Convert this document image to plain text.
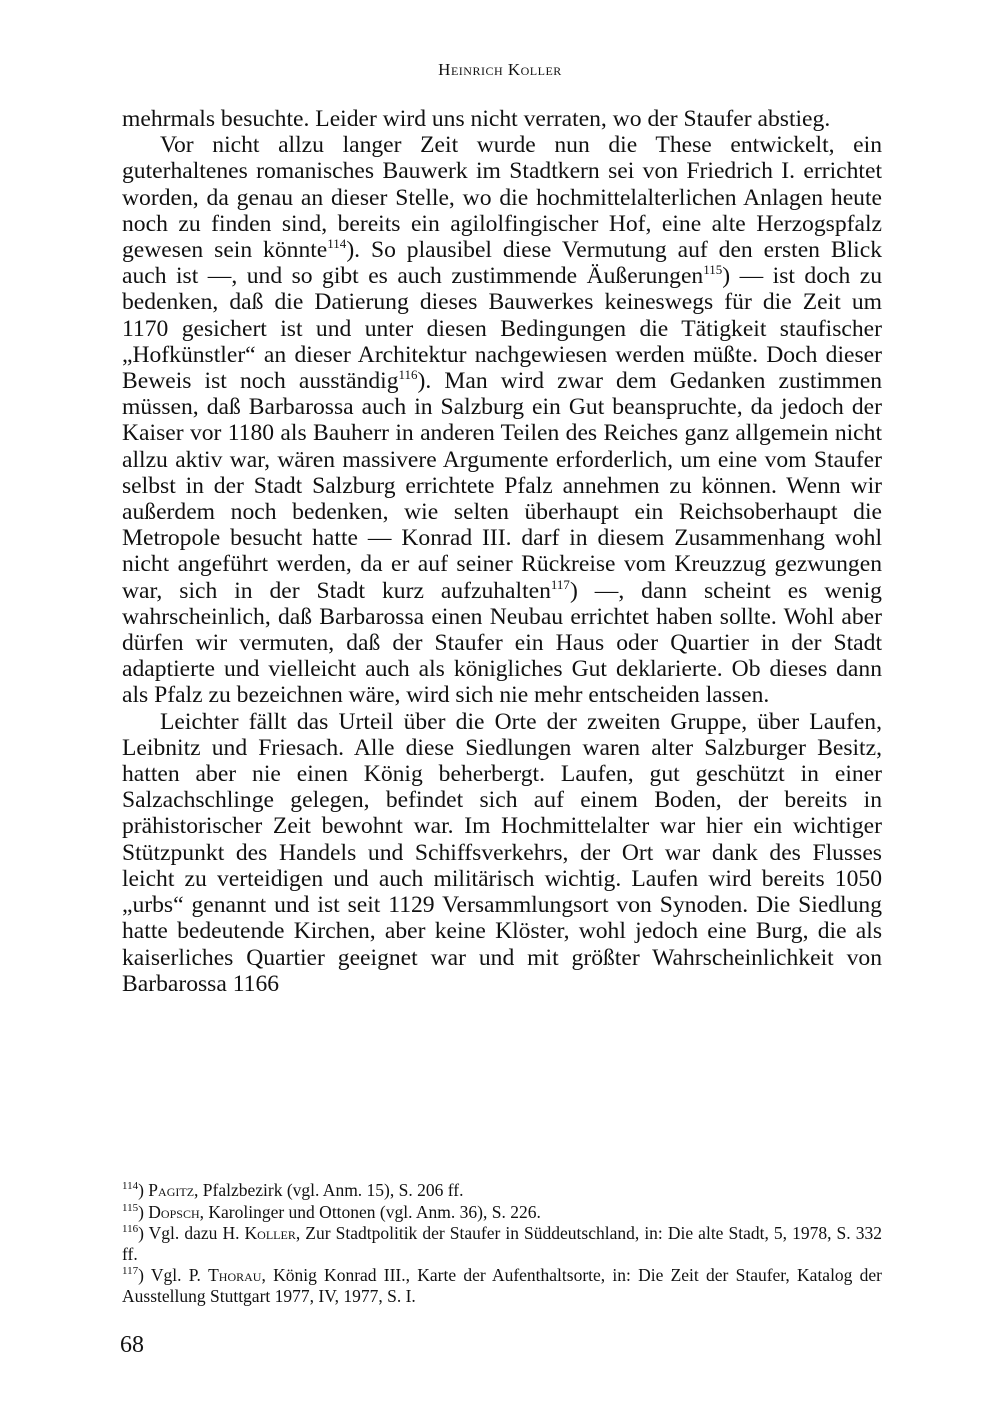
Heinrich Koller

mehrmals besuchte. Leider wird uns nicht verraten, wo der Staufer abstieg.

Vor nicht allzu langer Zeit wurde nun die These entwickelt, ein guterhaltenes romanisches Bauwerk im Stadtkern sei von Friedrich I. errichtet worden, da genau an dieser Stelle, wo die hochmittelalterlichen Anlagen heute noch zu finden sind, bereits ein agilolfingischer Hof, eine alte Herzogspfalz gewesen sein könnte$^{114}$). So plausibel diese Vermutung auf den ersten Blick auch ist —, und so gibt es auch zustimmende Äußerungen$^{115}$) — ist doch zu bedenken, daß die Datierung dieses Bauwerkes keineswegs für die Zeit um 1170 gesichert ist und unter diesen Bedingungen die Tätigkeit staufischer „Hofkünstler“ an dieser Architektur nachgewiesen werden müßte. Doch dieser Beweis ist noch ausständig$^{116}$). Man wird zwar dem Gedanken zustimmen müssen, daß Barbarossa auch in Salzburg ein Gut beanspruchte, da jedoch der Kaiser vor 1180 als Bauherr in anderen Teilen des Reiches ganz allgemein nicht allzu aktiv war, wären massivere Argumente erforderlich, um eine vom Staufer selbst in der Stadt Salzburg errichtete Pfalz annehmen zu können. Wenn wir außerdem noch bedenken, wie selten überhaupt ein Reichsoberhaupt die Metropole besucht hatte — Konrad III. darf in diesem Zusammenhang wohl nicht angeführt werden, da er auf seiner Rückreise vom Kreuzzug gezwungen war, sich in der Stadt kurz aufzuhalten$^{117}$) —, dann scheint es wenig wahrscheinlich, daß Barbarossa einen Neubau errichtet haben sollte. Wohl aber dürfen wir vermuten, daß der Staufer ein Haus oder Quartier in der Stadt adaptierte und vielleicht auch als königliches Gut deklarierte. Ob dieses dann als Pfalz zu bezeichnen wäre, wird sich nie mehr entscheiden lassen.

Leichter fällt das Urteil über die Orte der zweiten Gruppe, über Laufen, Leibnitz und Friesach. Alle diese Siedlungen waren alter Salzburger Besitz, hatten aber nie einen König beherbergt. Laufen, gut geschützt in einer Salzachschlinge gelegen, befindet sich auf einem Boden, der bereits in prähistorischer Zeit bewohnt war. Im Hochmittelalter war hier ein wichtiger Stützpunkt des Handels und Schiffsverkehrs, der Ort war dank des Flusses leicht zu verteidigen und auch militärisch wichtig. Laufen wird bereits 1050 „urbs“ genannt und ist seit 1129 Versammlungsort von Synoden. Die Siedlung hatte bedeutende Kirchen, aber keine Klöster, wohl jedoch eine Burg, die als kaiserliches Quartier geeignet war und mit größter Wahrscheinlichkeit von Barbarossa 1166

$^{114}$) Pagitz, Pfalzbezirk (vgl. Anm. 15), S. 206 ff.

$^{115}$) Dopsch, Karolinger und Ottonen (vgl. Anm. 36), S. 226.

$^{116}$) Vgl. dazu H. Koller, Zur Stadtpolitik der Staufer in Süddeutschland, in: Die alte Stadt, 5, 1978, S. 332 ff.

$^{117}$) Vgl. P. Thorau, König Konrad III., Karte der Aufenthaltsorte, in: Die Zeit der Staufer, Katalog der Ausstellung Stuttgart 1977, IV, 1977, S. I.

68
